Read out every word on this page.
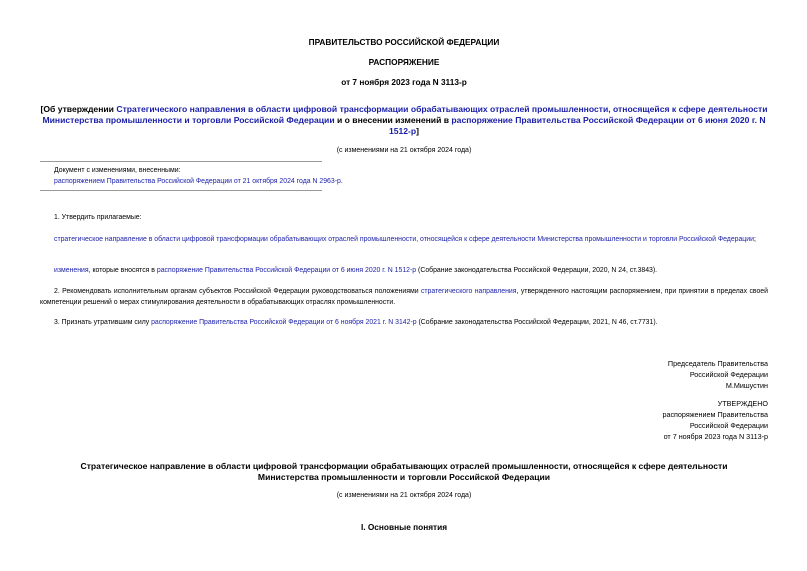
ПРАВИТЕЛЬСТВО РОССИЙСКОЙ ФЕДЕРАЦИИ
РАСПОРЯЖЕНИЕ
от 7 ноября 2023 года N 3113-р
[Об утверждении Стратегического направления в области цифровой трансформации обрабатывающих отраслей промышленности, относящейся к сфере деятельности Министерства промышленности и торговли Российской Федерации и о внесении изменений в распоряжение Правительства Российской Федерации от 6 июня 2020 г. N 1512-р]
(с изменениями на 21 октября 2024 года)
Документ с изменениями, внесенными:
распоряжением Правительства Российской Федерации от 21 октября 2024 года N 2963-р.
1. Утвердить прилагаемые:
стратегическое направление в области цифровой трансформации обрабатывающих отраслей промышленности, относящейся к сфере деятельности Министерства промышленности и торговли Российской Федерации;
изменения, которые вносятся в распоряжение Правительства Российской Федерации от 6 июня 2020 г. N 1512-р (Собрание законодательства Российской Федерации, 2020, N 24, ст.3843).
2. Рекомендовать исполнительным органам субъектов Российской Федерации руководствоваться положениями стратегического направления, утвержденного настоящим распоряжением, при принятии в пределах своей компетенции решений о мерах стимулирования деятельности в обрабатывающих отраслях промышленности.
3. Признать утратившим силу распоряжение Правительства Российской Федерации от 6 ноября 2021 г. N 3142-р (Собрание законодательства Российской Федерации, 2021, N 46, ст.7731).
Председатель Правительства
Российской Федерации
М.Мишустин
УТВЕРЖДЕНО
распоряжением Правительства
Российской Федерации
от 7 ноября 2023 года N 3113-р
Стратегическое направление в области цифровой трансформации обрабатывающих отраслей промышленности, относящейся к сфере деятельности Министерства промышленности и торговли Российской Федерации
(с изменениями на 21 октября 2024 года)
I. Основные понятия
